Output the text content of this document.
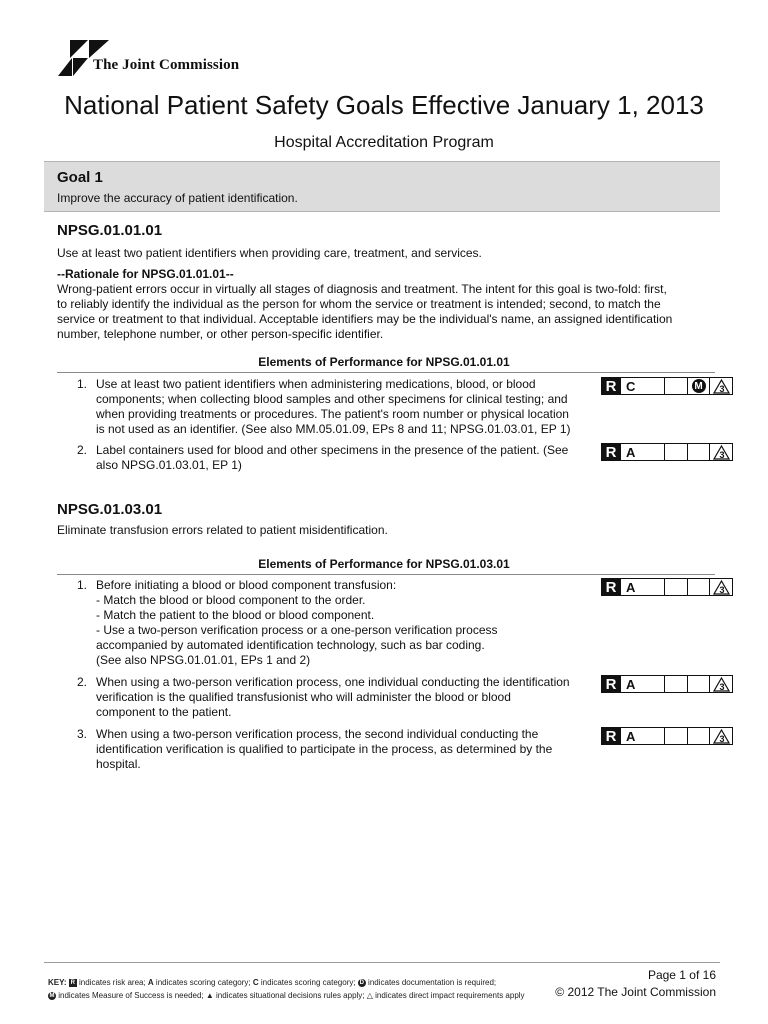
The Joint Commission
National Patient Safety Goals Effective January 1, 2013
Hospital Accreditation Program
Goal 1
Improve the accuracy of patient identification.
NPSG.01.01.01
Use at least two patient identifiers when providing care, treatment, and services.
--Rationale for NPSG.01.01.01--
Wrong-patient errors occur in virtually all stages of diagnosis and treatment. The intent for this goal is two-fold: first,
to reliably identify the individual as the person for whom the service or treatment is intended; second, to match the
service or treatment to that individual. Acceptable identifiers may be the individual's name, an assigned identification
number, telephone number, or other person-specific identifier.
Elements of Performance for NPSG.01.01.01
1. Use at least two patient identifiers when administering medications, blood, or blood
components; when collecting blood samples and other specimens for clinical testing; and
when providing treatments or procedures. The patient's room number or physical location
is not used as an identifier. (See also MM.05.01.09, EPs 8 and 11; NPSG.01.03.01, EP 1)
R C	M	3
2. Label containers used for blood and other specimens in the presence of the patient. (See
also NPSG.01.03.01, EP 1)
R A	3
NPSG.01.03.01
Eliminate transfusion errors related to patient misidentification.
Elements of Performance for NPSG.01.03.01
1. Before initiating a blood or blood component transfusion:
- Match the blood or blood component to the order.
- Match the patient to the blood or blood component.
- Use a two-person verification process or a one-person verification process
accompanied by automated identification technology, such as bar coding.
(See also NPSG.01.01.01, EPs 1 and 2)
R A	3
2. When using a two-person verification process, one individual conducting the identification
verification is the qualified transfusionist who will administer the blood or blood
component to the patient.
R A	3
3. When using a two-person verification process, the second individual conducting the
identification verification is qualified to participate in the process, as determined by the
hospital.
R A	3
KEY: R indicates risk area; A indicates scoring category; C indicates scoring category; D indicates documentation is required;
M indicates Measure of Success is needed; ▲ indicates situational decisions rules apply; △ indicates direct impact requirements apply
Page 1 of 16
© 2012 The Joint Commission
